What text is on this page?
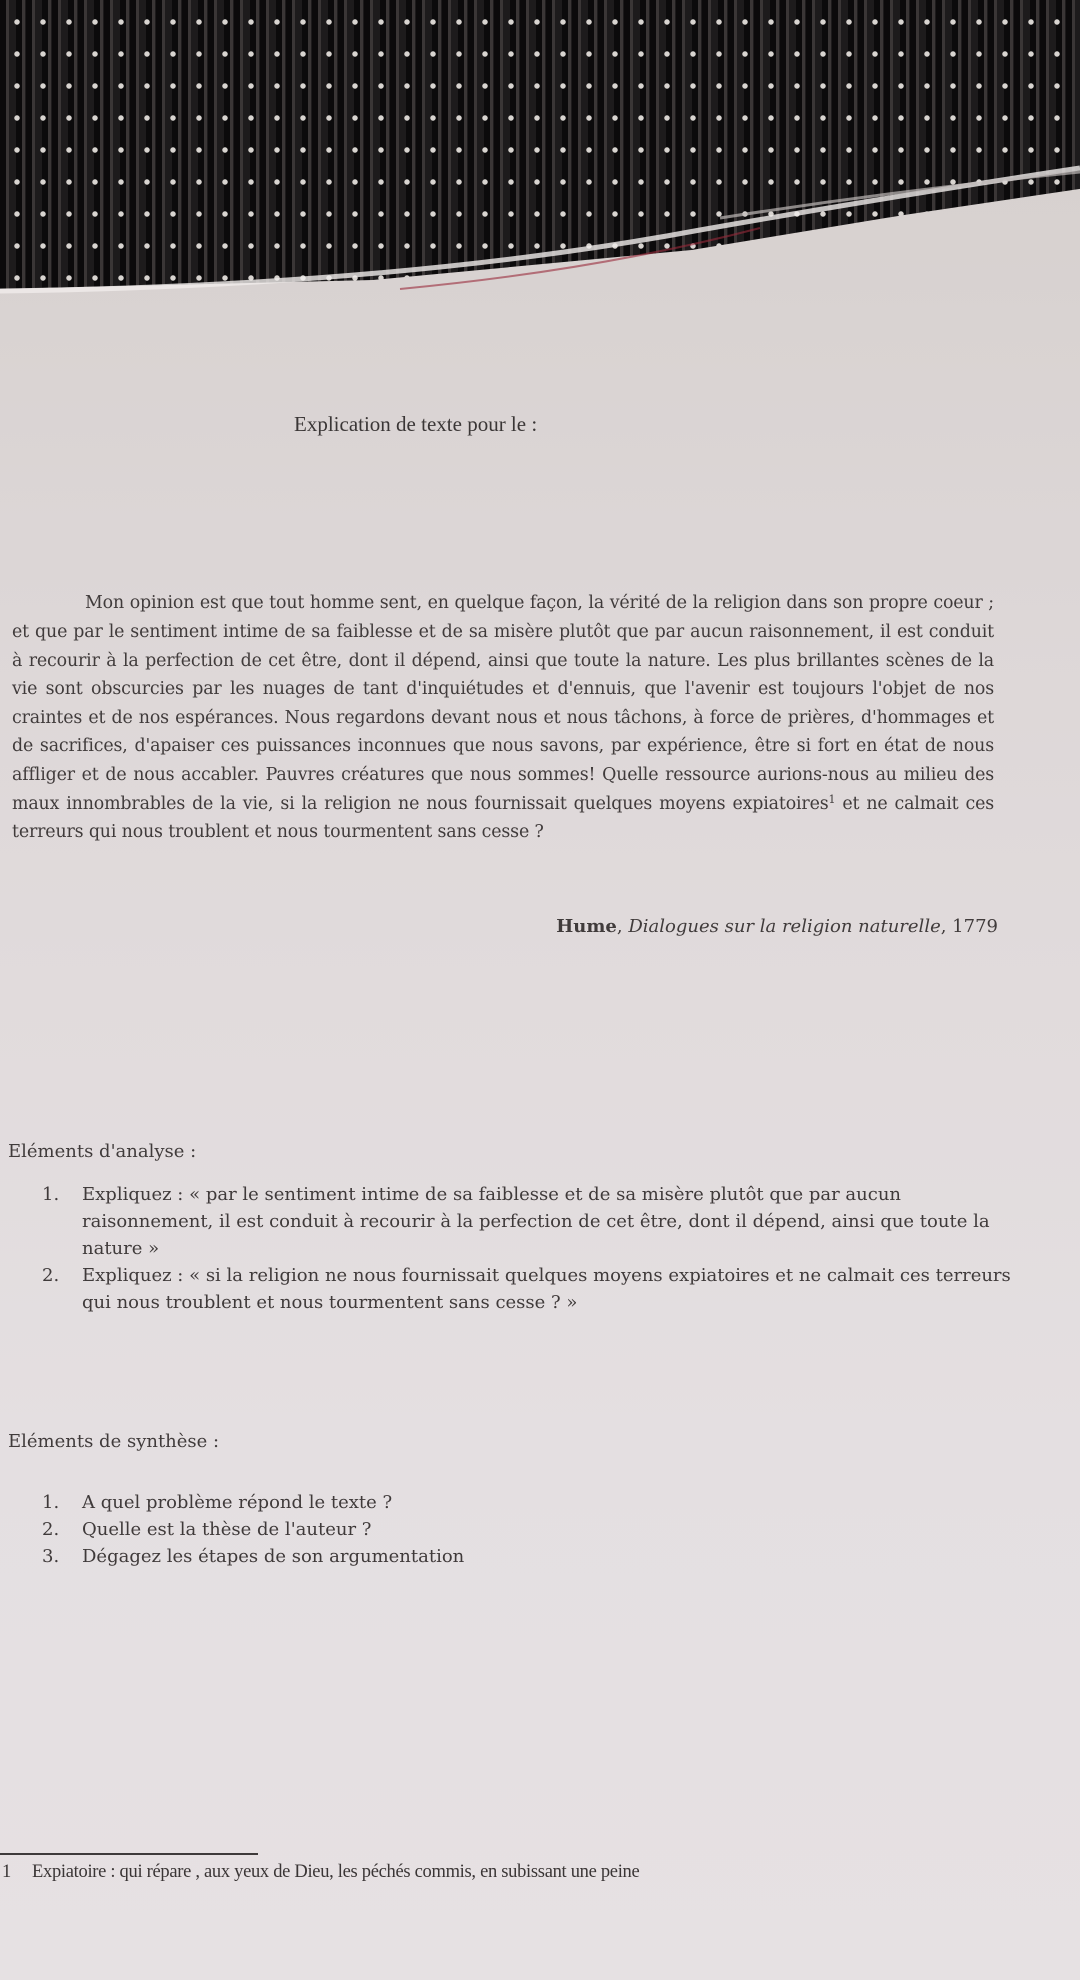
Explication de texte pour le :

Mon opinion est que tout homme sent, en quelque façon, la vérité de la religion dans son propre coeur ; et que par le sentiment intime de sa faiblesse et de sa misère plutôt que par aucun raisonnement, il est conduit à recourir à la perfection de cet être, dont il dépend, ainsi que toute la nature. Les plus brillantes scènes de la vie sont obscurcies par les nuages de tant d'inquiétudes et d'ennuis, que l'avenir est toujours l'objet de nos craintes et de nos espérances. Nous regardons devant nous et nous tâchons, à force de prières, d'hommages et de sacrifices, d'apaiser ces puissances inconnues que nous savons, par expérience, être si fort en état de nous affliger et de nous accabler. Pauvres créatures que nous sommes! Quelle ressource aurions-nous au milieu des maux innombrables de la vie, si la religion ne nous fournissait quelques moyens expiatoires$^1$ et ne calmait ces terreurs qui nous troublent et nous tourmentent sans cesse ?

Hume, Dialogues sur la religion naturelle, 1779
Eléments d'analyse :
1. Expliquez : « par le sentiment intime de sa faiblesse et de sa misère plutôt que par aucun raisonnement, il est conduit à recourir à la perfection de cet être, dont il dépend, ainsi que toute la nature »
2. Expliquez : « si la religion ne nous fournissait quelques moyens expiatoires et ne calmait ces terreurs qui nous troublent et nous tourmentent sans cesse ? »
Eléments de synthèse :
1. A quel problème répond le texte ?
2. Quelle est la thèse de l'auteur ?
3. Dégagez les étapes de son argumentation
1 Expiatoire : qui répare , aux yeux de Dieu, les péchés commis, en subissant une peine
